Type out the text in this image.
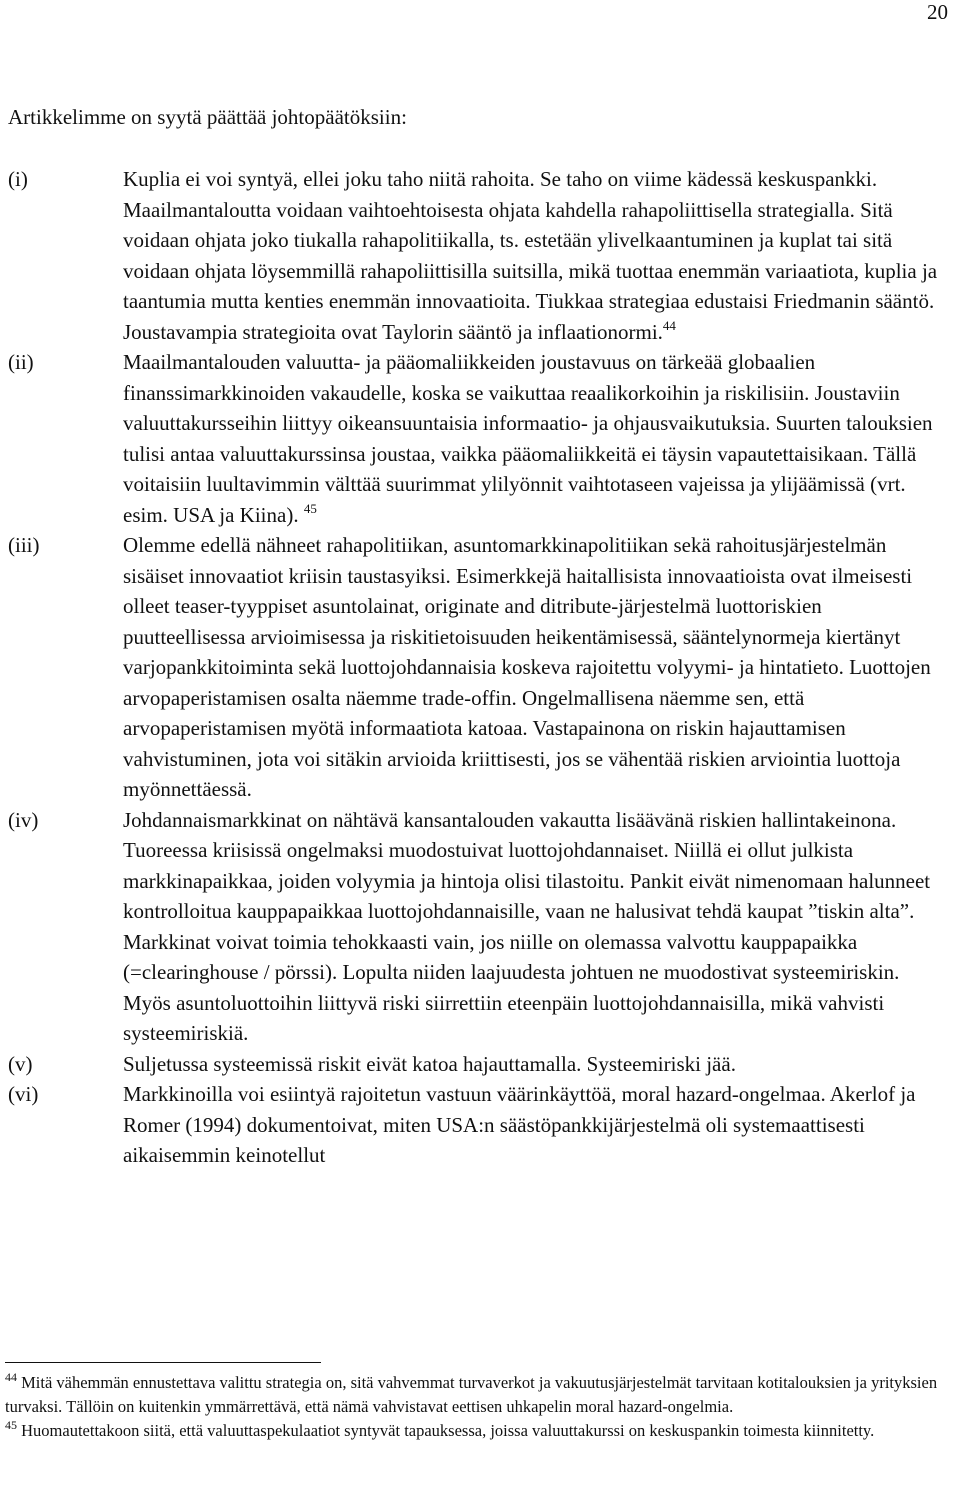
20

Artikkelimme on syytä päättää johtopäätöksiin:

(i)	Kuplia ei voi syntyä, ellei joku taho niitä rahoita. Se taho on viime kädessä keskuspankki. Maailmantaloutta voidaan vaihtoehtoisesta ohjata kahdella rahapoliittisella strategialla. Sitä voidaan ohjata joko tiukalla rahapolitiikalla, ts. estetään ylivelkaantuminen ja kuplat tai sitä voidaan ohjata löysemmillä rahapoliittisilla suitsilla, mikä tuottaa enemmän variaatiota, kuplia ja taantumia mutta kenties enemmän innovaatioita. Tiukkaa strategiaa edustaisi Friedmanin sääntö. Joustavampia strategioita ovat Taylorin sääntö ja inflaationormi.$^{44}$
(ii)	Maailmantalouden valuutta- ja pääomaliikkeiden joustavuus on tärkeää globaalien finanssimarkkinoiden vakaudelle, koska se vaikuttaa reaalikorkoihin ja riskilisiin. Joustaviin valuuttakursseihin liittyy oikeansuuntaisia informaatio- ja ohjausvaikutuksia. Suurten talouksien tulisi antaa valuuttakurssinsa joustaa, vaikka pääomaliikkeitä ei täysin vapautettaisikaan. Tällä voitaisiin luultavimmin välttää suurimmat ylilyönnit vaihtotaseen vajeissa ja ylijäämissä (vrt. esim. USA ja Kiina). $^{45}$
(iii)	Olemme edellä nähneet rahapolitiikan, asuntomarkkinapolitiikan sekä rahoitusjärjestelmän sisäiset innovaatiot kriisin taustasyiksi. Esimerkkejä haitallisista innovaatioista ovat ilmeisesti olleet teaser-tyyppiset asuntolainat, originate and ditribute-järjestelmä luottoriskien puutteellisessa arvioimisessa ja riskitietoisuuden heikentämisessä, sääntelynormeja kiertänyt varjopankkitoiminta sekä luottojohdannaisia koskeva rajoitettu volyymi- ja hintatieto. Luottojen arvopaperistamisen osalta näemme trade-offin. Ongelmallisena näemme sen, että arvopaperistamisen myötä informaatiota katoaa. Vastapainona on riskin hajauttamisen vahvistuminen, jota voi sitäkin arvioida kriittisesti, jos se vähentää riskien arviointia luottoja myönnettäessä.
(iv)	Johdannaismarkkinat on nähtävä kansantalouden vakautta lisäävänä riskien hallintakeinona. Tuoreessa kriisissä ongelmaksi muodostuivat luottojohdannaiset. Niillä ei ollut julkista markkinapaikkaa, joiden volyymia ja hintoja olisi tilastoitu. Pankit eivät nimenomaan halunneet kontrolloitua kauppapaikkaa luottojohdannaisille, vaan ne halusivat tehdä kaupat ”tiskin alta”. Markkinat voivat toimia tehokkaasti vain, jos niille on olemassa valvottu kauppapaikka (=clearinghouse / pörssi). Lopulta niiden laajuudesta johtuen ne muodostivat systeemiriskin. Myös asuntoluottoihin liittyvä riski siirrettiin eteenpäin luottojohdannaisilla, mikä vahvisti systeemiriskiä.
(v)	Suljetussa systeemissä riskit eivät katoa hajauttamalla. Systeemiriski jää.
(vi)	Markkinoilla voi esiintyä rajoitetun vastuun väärinkäyttöä, moral hazard-ongelmaa. Akerlof ja Romer (1994) dokumentoivat, miten USA:n säästöpankkijärjestelmä oli systemaattisesti aikaisemmin keinotellut

$^{44}$ Mitä vähemmän ennustettava valittu strategia on, sitä vahvemmat turvaverkot ja vakuutusjärjestelmät tarvitaan kotitalouksien ja yrityksien turvaksi. Tällöin on kuitenkin ymmärrettävä, että nämä vahvistavat eettisen uhkapelin moral hazard-ongelmia.

$^{45}$ Huomautettakoon siitä, että valuuttaspekulaatiot syntyvät tapauksessa, joissa valuuttakurssi on keskuspankin toimesta kiinnitetty.
